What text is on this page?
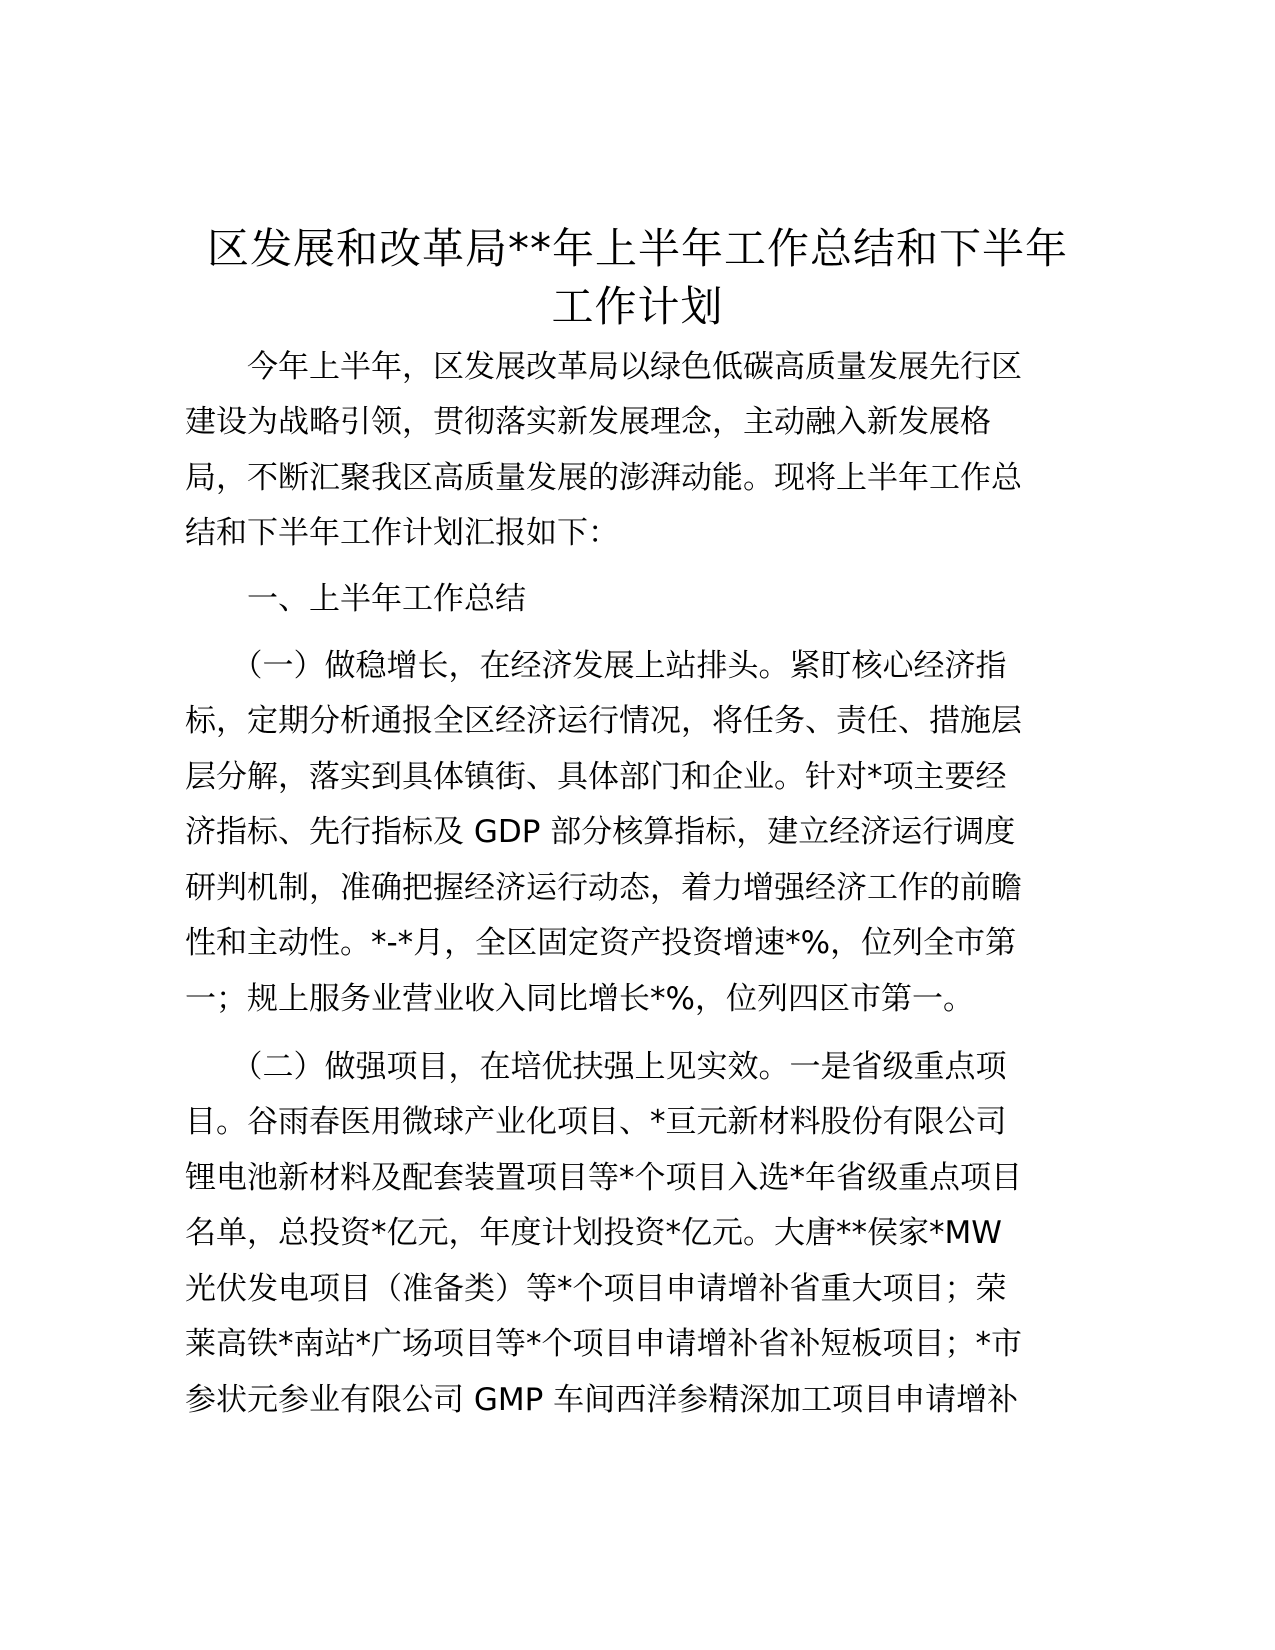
区发展和改革局**年上半年工作总结和下半年
工作计划
　　今年上半年，区发展改革局以绿色低碳高质量发展先行区
建设为战略引领，贯彻落实新发展理念，主动融入新发展格
局，不断汇聚我区高质量发展的澎湃动能。现将上半年工作总
结和下半年工作计划汇报如下：
　　一、上半年工作总结
　　（一）做稳增长，在经济发展上站排头。紧盯核心经济指
标，定期分析通报全区经济运行情况，将任务、责任、措施层
层分解，落实到具体镇街、具体部门和企业。针对*项主要经
济指标、先行指标及 GDP 部分核算指标，建立经济运行调度
研判机制，准确把握经济运行动态，着力增强经济工作的前瞻
性和主动性。*-*月，全区固定资产投资增速*%，位列全市第
一；规上服务业营业收入同比增长*%，位列四区市第一。
　　（二）做强项目，在培优扶强上见实效。一是省级重点项
目。谷雨春医用微球产业化项目、*亘元新材料股份有限公司
锂电池新材料及配套装置项目等*个项目入选*年省级重点项目
名单，总投资*亿元，年度计划投资*亿元。大唐**侯家*MW
光伏发电项目（准备类）等*个项目申请增补省重大项目；荣
莱高铁*南站*广场项目等*个项目申请增补省补短板项目；*市
参状元参业有限公司 GMP 车间西洋参精深加工项目申请增补
